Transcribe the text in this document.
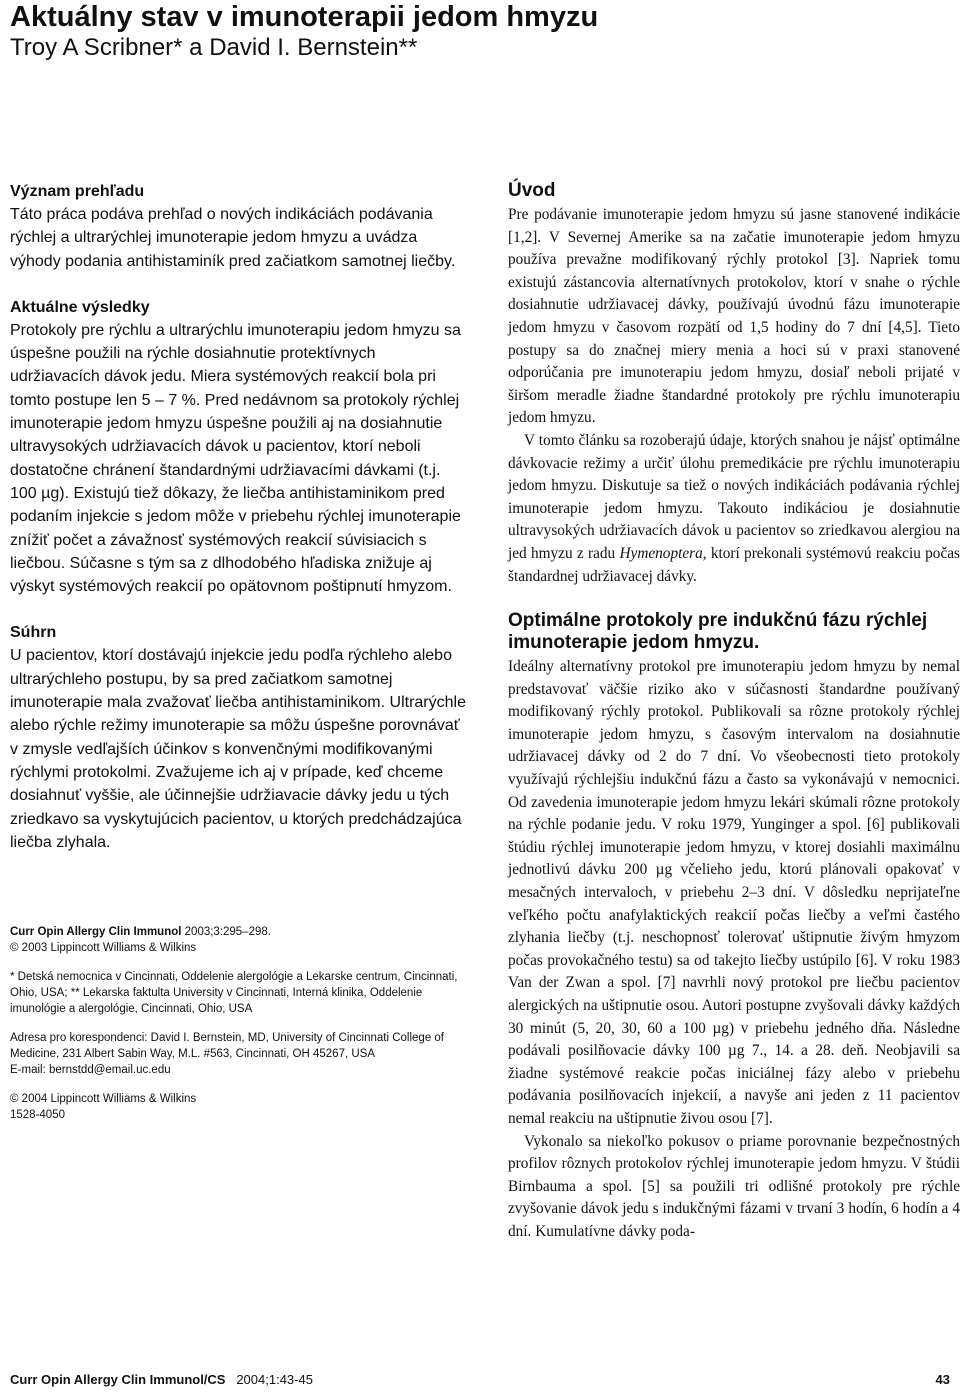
Aktuálny stav v imunoterapii jedom hmyzu
Troy A Scribner* a David I. Bernstein**
Význam prehľadu

Táto práca podáva prehľad o nových indikáciách podávania rýchlej a ultrarýchlej imunoterapie jedom hmyzu a uvádza výhody podania antihistaminík pred začiatkom samotnej liečby.

Aktuálne výsledky

Protokoly pre rýchlu a ultrarýchlu imunoterapiu jedom hmyzu sa úspešne použili na rýchle dosiahnutie protektívnych udržiavacích dávok jedu. Miera systémových reakcií bola pri tomto postupe len 5 – 7 %. Pred nedávnom sa protokoly rýchlej imunoterapie jedom hmyzu úspešne použili aj na dosiahnutie ultravysokých udržiavacích dávok u pacientov, ktorí neboli dostatočne chránení štandardnými udržiavacími dávkami (t.j. 100 µg). Existujú tiež dôkazy, že liečba antihistaminikom pred podaním injekcie s jedom môže v priebehu rýchlej imunoterapie znížiť počet a závažnosť systémových reakcií súvisiacich s liečbou. Súčasne s tým sa z dlhodobého hľadiska znižuje aj výskyt systémových reakcií po opätovnom poštipnutí hmyzom.

Súhrn

U pacientov, ktorí dostávajú injekcie jedu podľa rýchleho alebo ultrarýchleho postupu, by sa pred začiatkom samotnej imunoterapie mala zvažovať liečba antihistaminikom. Ultrarýchle alebo rýchle režimy imunoterapie sa môžu úspešne porovnávať v zmysle vedľajších účinkov s konvenčnými modifikovanými rýchlymi protokolmi. Zvažujeme ich aj v prípade, keď chceme dosiahnuť vyššie, ale účinnejšie udržiavacie dávky jedu u tých zriedkavo sa vyskytujúcich pacientov, u ktorých predchádzajúca liečba zlyhala.

Curr Opin Allergy Clin Immunol 2003;3:295–298.

© 2003 Lippincott Williams & Wilkins

* Detská nemocnica v Cincinnati, Oddelenie alergológie a Lekarske centrum, Cincinnati, Ohio, USA; ** Lekarska faktulta University v Cincinnati, Interná klinika, Oddelenie imunológie a alergológie, Cincinnati, Ohio, USA

Adresa pro korespondenci: David I. Bernstein, MD, University of Cincinnati College of Medicine, 231 Albert Sabin Way, M.L. #563, Cincinnati, OH 45267, USA

E-mail: bernstdd@email.uc.edu

© 2004 Lippincott Williams & Wilkins

1528-4050

Úvod

Pre podávanie imunoterapie jedom hmyzu sú jasne stanovené indikácie [1,2]. V Severnej Amerike sa na začatie imunoterapie jedom hmyzu používa prevažne modifikovaný rýchly protokol [3]. Napriek tomu existujú zástancovia alternatívnych protokolov, ktorí v snahe o rýchle dosiahnutie udržiavacej dávky, používajú úvodnú fázu imunoterapie jedom hmyzu v časovom rozpätí od 1,5 hodiny do 7 dní [4,5]. Tieto postupy sa do značnej miery menia a hoci sú v praxi stanovené odporúčania pre imunoterapiu jedom hmyzu, dosiaľ neboli prijaté v širšom meradle žiadne štandardné protokoly pre rýchlu imunoterapiu jedom hmyzu.

V tomto článku sa rozoberajú údaje, ktorých snahou je nájsť optimálne dávkovacie režimy a určiť úlohu premedikácie pre rýchlu imunoterapiu jedom hmyzu. Diskutuje sa tiež o nových indikáciách podávania rýchlej imunoterapie jedom hmyzu. Takouto indikáciou je dosiahnutie ultravysokých udržiavacích dávok u pacientov so zriedkavou alergiou na jed hmyzu z radu Hymenoptera, ktorí prekonali systémovú reakciu počas štandardnej udržiavacej dávky.

Optimálne protokoly pre indukčnú fázu rýchlej imunoterapie jedom hmyzu.

Ideálny alternatívny protokol pre imunoterapiu jedom hmyzu by nemal predstavovať väčšie riziko ako v súčasnosti štandardne používaný modifikovaný rýchly protokol. Publikovali sa rôzne protokoly rýchlej imunoterapie jedom hmyzu, s časovým intervalom na dosiahnutie udržiavacej dávky od 2 do 7 dní. Vo všeobecnosti tieto protokoly využívajú rýchlejšiu indukčnú fázu a často sa vykonávajú v nemocnici. Od zavedenia imunoterapie jedom hmyzu lekári skúmali rôzne protokoly na rýchle podanie jedu. V roku 1979, Yunginger a spol. [6] publikovali štúdiu rýchlej imunoterapie jedom hmyzu, v ktorej dosiahli maximálnu jednotlivú dávku 200 µg včelieho jedu, ktorú plánovali opakovať v mesačných intervaloch, v priebehu 2–3 dní. V dôsledku neprijateľne veľkého počtu anafylaktických reakcií počas liečby a veľmi častého zlyhania liečby (t.j. neschopnosť tolerovať uštipnutie živým hmyzom počas provokačného testu) sa od takejto liečby ustúpilo [6]. V roku 1983 Van der Zwan a spol. [7] navrhli nový protokol pre liečbu pacientov alergických na uštipnutie osou. Autori postupne zvyšovali dávky každých 30 minút (5, 20, 30, 60 a 100 µg) v priebehu jedného dňa. Následne podávali posilňovacie dávky 100 µg 7., 14. a 28. deň. Neobjavili sa žiadne systémové reakcie počas iniciálnej fázy alebo v priebehu podávania posilňovacích injekcií, a navyše ani jeden z 11 pacientov nemal reakciu na uštipnutie živou osou [7].

Vykonalo sa niekoľko pokusov o priame porovnanie bezpečnostných profilov rôznych protokolov rýchlej imunoterapie jedom hmyzu. V štúdii Birnbauma a spol. [5] sa použili tri odlišné protokoly pre rýchle zvyšovanie dávok jedu s indukčnými fázami v trvaní 3 hodín, 6 hodín a 4 dní. Kumulatívne dávky poda-

Curr Opin Allergy Clin Immunol/CS 2004;1:43-45	43
